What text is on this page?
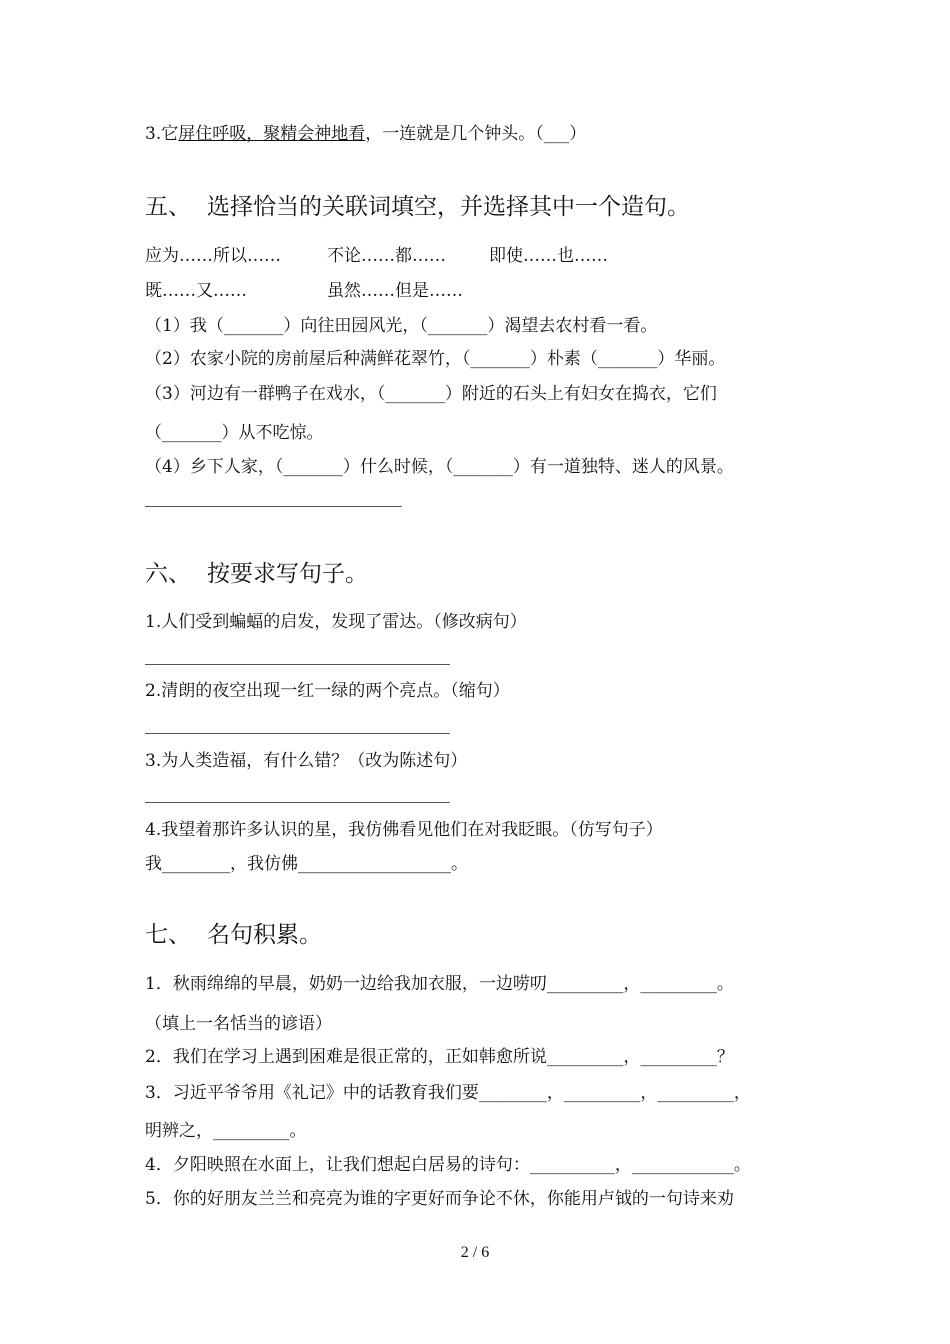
3.它屏住呼吸，聚精会神地看，一连就是几个钟头。（___）
五、 选择恰当的关联词填空，并选择其中一个造句。
应为……所以……	不论……都……	即使……也……
既……又……	虽然……但是……
（1）我（_______）向往田园风光，（_______）渴望去农村看一看。
（2）农家小院的房前屋后种满鲜花翠竹，（_______）朴素（_______）华丽。
（3）河边有一群鸭子在戏水，（_______）附近的石头上有妇女在捣衣，它们
（_______）从不吃惊。
（4）乡下人家，（_______）什么时候，（_______）有一道独特、迷人的风景。
六、 按要求写句子。
1.人们受到蝙蝠的启发，发现了雷达。（修改病句）
2.清朗的夜空出现一红一绿的两个亮点。（缩句）
3.为人类造福，有什么错？（改为陈述句）
4.我望着那许多认识的星，我仿佛看见他们在对我眨眼。（仿写句子）
我________，我仿佛__________________。
七、 名句积累。
1．秋雨绵绵的早晨，奶奶一边给我加衣服，一边唠叨_________，_________。
（填上一名恬当的谚语）
2．我们在学习上遇到困难是很正常的，正如韩愈所说_________，_________？
3．习近平爷爷用《礼记》中的话教育我们要________，_________，_________，
明辨之，_________。
4．夕阳映照在水面上，让我们想起白居易的诗句：__________，____________。
5．你的好朋友兰兰和亮亮为谁的字更好而争论不休，你能用卢钺的一句诗来劝
2 / 6
